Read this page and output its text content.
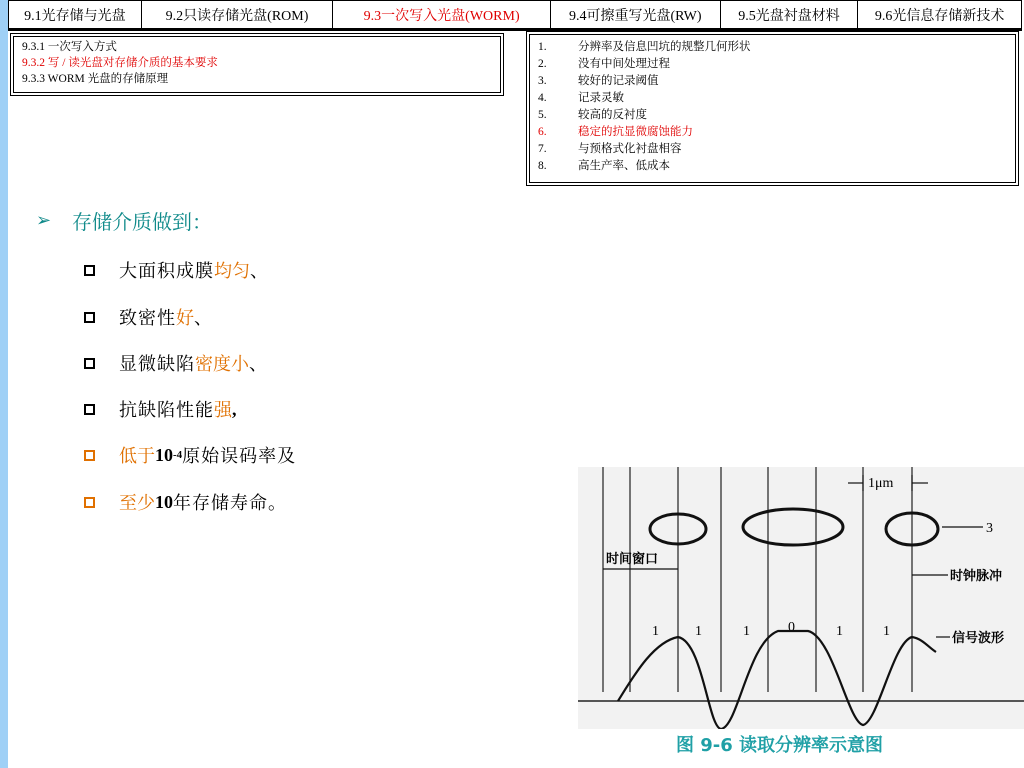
9.1光存储与光盘	9.2只读存储光盘(ROM)	9.3一次写入光盘(WORM)	9.4可擦重写光盘(RW)	9.5光盘衬盘材料	9.6光信息存储新技术
9.3.1 一次写入方式
9.3.2 写 / 读光盘对存储介质的基本要求
9.3.3 WORM 光盘的存储原理
1.	分辨率及信息凹坑的规整几何形状
2.	没有中间处理过程
3.	较好的记录阈值
4.	记录灵敏
5.	较高的反衬度
6.	稳定的抗显微腐蚀能力
7.	与预格式化衬盘相容
8.	高生产率、低成本
➢ 存储介质做到：
大面积成膜 均匀 、
致密性 好 、
显微缺陷 密度小 、
抗缺陷性能 强 ,
低于 10 -4 原始误码率及
至少 10 年存储寿命。
1μm
3
时间窗口
时钟脉冲
1	1	1	0	1	1	信号波形
图 9-6 读取分辨率示意图
